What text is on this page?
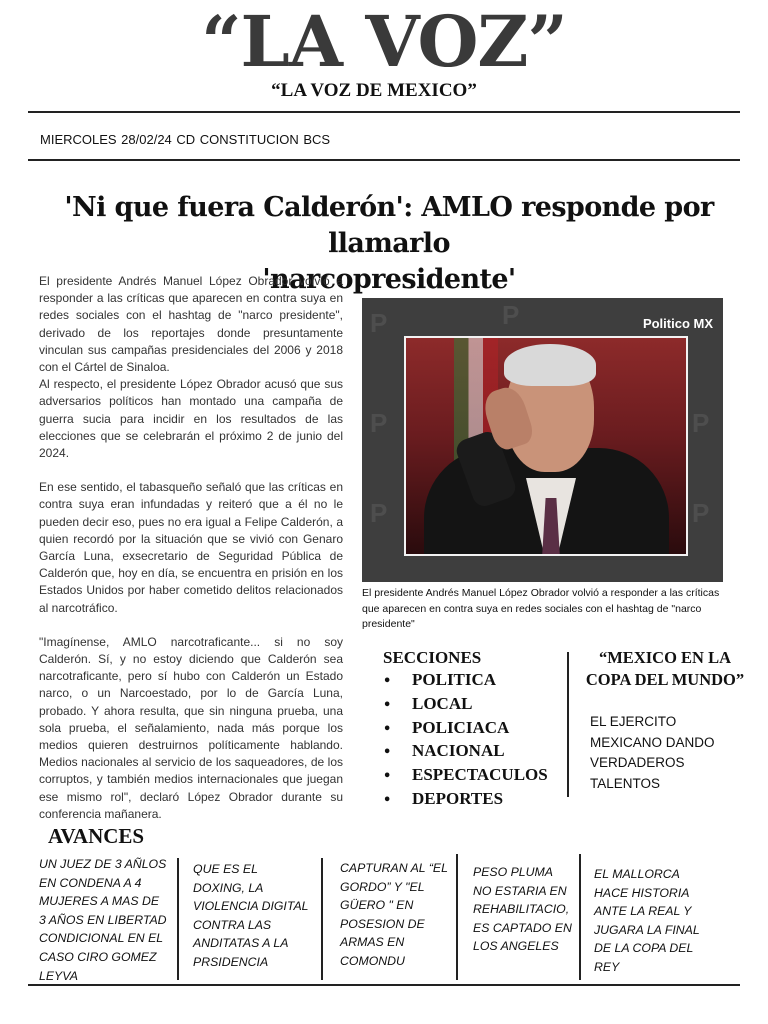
“LA VOZ”
“LA VOZ DE MEXICO”
MIERCOLES 28/02/24 CD CONSTITUCION BCS
'Ni que fuera Calderón': AMLO responde por llamarlo
'narcopresidente'

El presidente Andrés Manuel López Obrador volvió a responder a las críticas que aparecen en contra suya en redes sociales con el hashtag de "narco presidente", derivado de los reportajes donde presuntamente vinculan sus campañas presidenciales del 2006 y 2018 con el Cártel de Sinaloa.
Al respecto, el presidente López Obrador acusó que sus adversarios políticos han montado una campaña de guerra sucia para incidir en los resultados de las elecciones que se celebrarán el próximo 2 de junio del 2024.

En ese sentido, el tabasqueño señaló que las críticas en contra suya eran infundadas y reiteró que a él no le pueden decir eso, pues no era igual a Felipe Calderón, a quien recordó por la situación que se vivió con Genaro García Luna, exsecretario de Seguridad Pública de Calderón que, hoy en día, se encuentra en prisión en los Estados Unidos por haber cometido delitos relacionados al narcotráfico.

"Imagínense, AMLO narcotraficante... si no soy Calderón. Sí, y no estoy diciendo que Calderón sea narcotraficante, pero sí hubo con Calderón un Estado narco, o un Narcoestado, por lo de García Luna, probado. Y ahora resulta, que sin ninguna prueba, una sola prueba, el señalamiento, nada más porque los medios quieren destruirnos políticamente hablando. Medios nacionales al servicio de los saqueadores, de los corruptos, y también medios internacionales que juegan ese mismo rol", declaró López Obrador durante su conferencia mañanera.

P
P
P
P
P
P
Politico MX
El presidente Andrés Manuel López Obrador volvió a responder a las críticas que aparecen en contra suya en redes sociales con el hashtag de "narco presidente"
SECCIONES
• POLITICA
• LOCAL
• POLICIACA
• NACIONAL
• ESPECTACULOS
• DEPORTES
“MEXICO EN LA COPA DEL MUNDO”
EL EJERCITO MEXICANO DANDO VERDADEROS TALENTOS
AVANCES
UN JUEZ DE 3 AÑLOS EN CONDENA A 4 MUJERES A MAS DE 3 AÑOS EN LIBERTAD CONDICIONAL EN EL CASO CIRO GOMEZ LEYVA
QUE ES EL DOXING, LA VIOLENCIA DIGITAL CONTRA LAS ANDITATAS A LA PRSIDENCIA
CAPTURAN AL “EL GORDO” Y "EL GÜERO " EN POSESION DE ARMAS EN COMONDU
PESO PLUMA NO ESTARIA EN REHABILITACIO, ES CAPTADO EN LOS ANGELES
EL MALLORCA HACE HISTORIA ANTE LA REAL Y JUGARA LA FINAL DE LA COPA DEL REY
